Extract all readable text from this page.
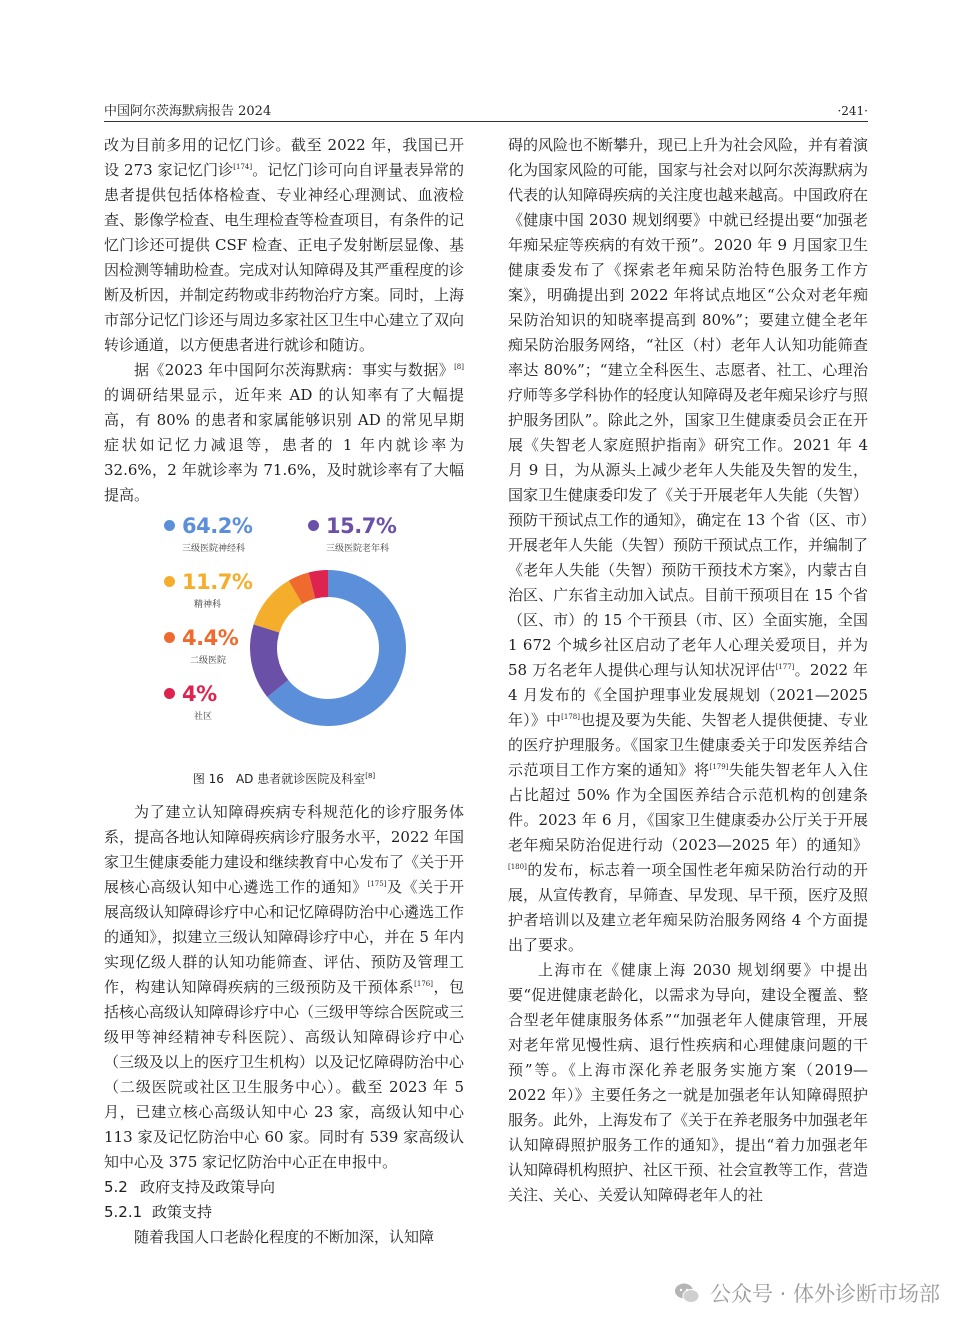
中国阿尔茨海默病报告 2024	·241·

改为目前多用的记忆门诊。截至 2022 年，我国已开设 273 家记忆门诊[174]。记忆门诊可向自评量表异常的患者提供包括体格检查、专业神经心理测试、血液检查、影像学检查、电生理检查等检查项目，有条件的记忆门诊还可提供 CSF 检查、正电子发射断层显像、基因检测等辅助检查。完成对认知障碍及其严重程度的诊断及析因，并制定药物或非药物治疗方案。同时，上海市部分记忆门诊还与周边多家社区卫生中心建立了双向转诊通道，以方便患者进行就诊和随访。

据《2023 年中国阿尔茨海默病：事实与数据》[8]的调研结果显示，近年来 AD 的认知率有了大幅提高，有 80% 的患者和家属能够识别 AD 的常见早期症状如记忆力减退等，患者的 1 年内就诊率为 32.6%，2 年就诊率为 71.6%，及时就诊率有了大幅提高。

64.2%
三级医院神经科
15.7%
三级医院老年科
11.7%
精神科
4.4%
二级医院
4%
社区
图 16　AD 患者就诊医院及科室[8]

为了建立认知障碍疾病专科规范化的诊疗服务体系，提高各地认知障碍疾病诊疗服务水平，2022 年国家卫生健康委能力建设和继续教育中心发布了《关于开展核心高级认知中心遴选工作的通知》[175]及《关于开展高级认知障碍诊疗中心和记忆障碍防治中心遴选工作的通知》，拟建立三级认知障碍诊疗中心，并在 5 年内实现亿级人群的认知功能筛查、评估、预防及管理工作，构建认知障碍疾病的三级预防及干预体系[176]，包括核心高级认知障碍诊疗中心（三级甲等综合医院或三级甲等神经精神专科医院）、高级认知障碍诊疗中心（三级及以上的医疗卫生机构）以及记忆障碍防治中心（二级医院或社区卫生服务中心）。截至 2023 年 5 月，已建立核心高级认知中心 23 家，高级认知中心 113 家及记忆防治中心 60 家。同时有 539 家高级认知中心及 375 家记忆防治中心正在申报中。

5.2 政府支持及政策导向
5.2.1 政策支持

随着我国人口老龄化程度的不断加深，认知障

碍的风险也不断攀升，现已上升为社会风险，并有着演化为国家风险的可能，国家与社会对以阿尔茨海默病为代表的认知障碍疾病的关注度也越来越高。中国政府在《健康中国 2030 规划纲要》中就已经提出要“加强老年痴呆症等疾病的有效干预”。2020 年 9 月国家卫生健康委发布了《探索老年痴呆防治特色服务工作方案》，明确提出到 2022 年将试点地区“公众对老年痴呆防治知识的知晓率提高到 80%”；要建立健全老年痴呆防治服务网络，“社区（村）老年人认知功能筛查率达 80%”；“建立全科医生、志愿者、社工、心理治疗师等多学科协作的轻度认知障碍及老年痴呆诊疗与照护服务团队”。除此之外，国家卫生健康委员会正在开展《失智老人家庭照护指南》研究工作。2021 年 4 月 9 日，为从源头上减少老年人失能及失智的发生，国家卫生健康委印发了《关于开展老年人失能（失智）预防干预试点工作的通知》，确定在 13 个省（区、市）开展老年人失能（失智）预防干预试点工作，并编制了《老年人失能（失智）预防干预技术方案》，内蒙古自治区、广东省主动加入试点。目前干预项目在 15 个省（区、市）的 15 个干预县（市、区）全面实施，全国 1 672 个城乡社区启动了老年人心理关爱项目，并为 58 万名老年人提供心理与认知状况评估[177]。2022 年 4 月发布的《全国护理事业发展规划（2021—2025 年）》中[178]也提及要为失能、失智老人提供便捷、专业的医疗护理服务。《国家卫生健康委关于印发医养结合示范项目工作方案的通知》将[179]失能失智老年人入住占比超过 50% 作为全国医养结合示范机构的创建条件。2023 年 6 月，《国家卫生健康委办公厅关于开展老年痴呆防治促进行动（2023—2025 年）的通知》[180]的发布，标志着一项全国性老年痴呆防治行动的开展，从宣传教育，早筛查、早发现、早干预，医疗及照护者培训以及建立老年痴呆防治服务网络 4 个方面提出了要求。

上海市在《健康上海 2030 规划纲要》中提出要“促进健康老龄化，以需求为导向，建设全覆盖、整合型老年健康服务体系”“加强老年人健康管理，开展对老年常见慢性病、退行性疾病和心理健康问题的干预”等。《上海市深化养老服务实施方案（2019—2022 年）》主要任务之一就是加强老年认知障碍照护服务。此外，上海发布了《关于在养老服务中加强老年认知障碍照护服务工作的通知》，提出“着力加强老年认知障碍机构照护、社区干预、社会宣教等工作，营造关注、关心、关爱认知障碍老年人的社

公众号 · 体外诊断市场部
